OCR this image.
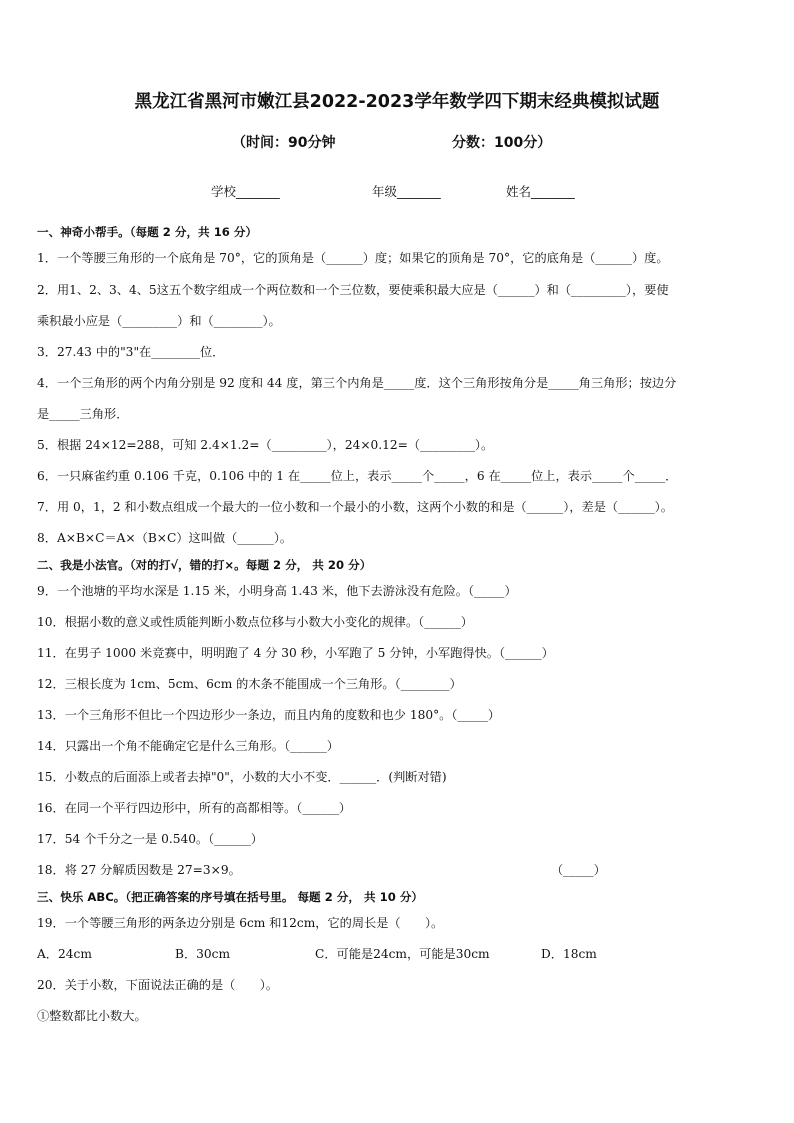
黑龙江省黑河市嫩江县2022-2023学年数学四下期末经典模拟试题
（时间：90分钟	分数：100分）
学校_______	年级_______	姓名_______
一、神奇小帮手。（每题 2 分，共 16 分）
1．一个等腰三角形的一个底角是 70°，它的顶角是（______）度；如果它的顶角是 70°，它的底角是（______）度。
2．用1、2、3、4、5这五个数字组成一个两位数和一个三位数，要使乘积最大应是（______）和（_________），要使
乘积最小应是（_________）和（________）。
3．27.43 中的"3"在________位．
4．一个三角形的两个内角分别是 92 度和 44 度，第三个内角是_____度．这个三角形按角分是_____角三角形；按边分
是_____三角形．
5．根据 24×12=288，可知 2.4×1.2=（_________），24×0.12=（_________）。
6．一只麻雀约重 0.106 千克，0.106 中的 1 在_____位上，表示_____个_____，6 在_____位上，表示_____个_____．
7．用 0，1，2 和小数点组成一个最大的一位小数和一个最小的小数，这两个小数的和是（______），差是（______）。
8．A×B×C＝A×（B×C）这叫做（______）。
二、我是小法官。（对的打√，错的打×。每题 2 分， 共 20 分）
9．一个池塘的平均水深是 1.15 米，小明身高 1.43 米，他下去游泳没有危险。（_____）
10．根据小数的意义或性质能判断小数点位移与小数大小变化的规律。（______）
11．在男子 1000 米竞赛中，明明跑了 4 分 30 秒，小军跑了 5 分钟，小军跑得快。（______）
12．三根长度为 1cm、5cm、6cm 的木条不能围成一个三角形。（________）
13．一个三角形不但比一个四边形少一条边，而且内角的度数和也少 180°。（_____）
14．只露出一个角不能确定它是什么三角形。（______）
15．小数点的后面添上或者去掉"0"，小数的大小不变．______．(判断对错)
16．在同一个平行四边形中，所有的高都相等。（______）
17．54 个千分之一是 0.540。（______）
18．将 27 分解质因数是 27=3×9。	（_____）
三、快乐 ABC。（把正确答案的序号填在括号里。 每题 2 分， 共 10 分）
19．一个等腰三角形的两条边分别是 6cm 和12cm，它的周长是（　　）。
A．24cm	B．30cm	C．可能是24cm，可能是30cm	D．18cm
20．关于小数，下面说法正确的是（　　）。
①整数都比小数大。
